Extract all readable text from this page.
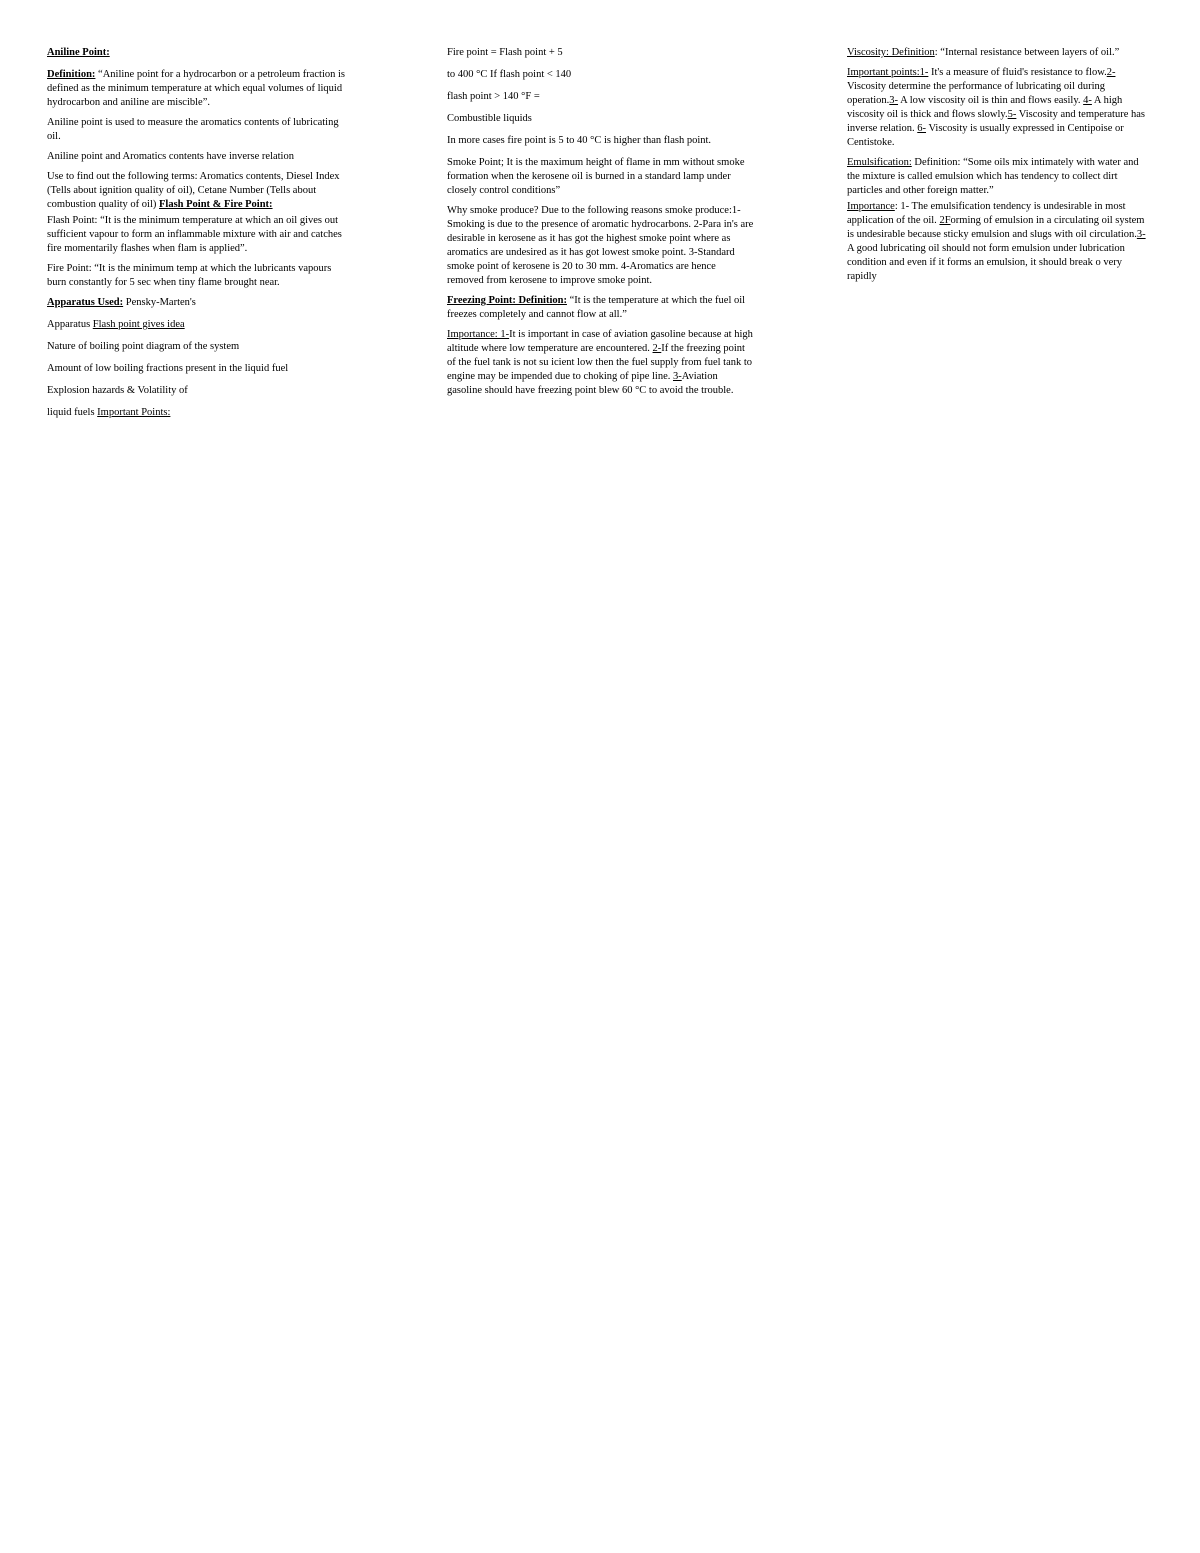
Aniline Point:

Definition: “Aniline point for a hydrocarbon or a petroleum fraction is defined as the minimum temperature at which equal volumes of liquid hydrocarbon and aniline are miscible”.

Aniline point is used to measure the aromatics contents of lubricating oil.

Aniline point and Aromatics contents have inverse relation

Use to find out the following terms: Aromatics contents, Diesel Index (Tells about ignition quality of oil), Cetane Number (Tells about combustion quality of oil) Flash Point & Fire Point:

Flash Point: “It is the minimum temperature at which an oil gives out sufficient vapour to form an inflammable mixture with air and catches fire momentarily flashes when flam is applied”.

Fire Point: “It is the minimum temp at which the lubricants vapours burn constantly for 5 sec when tiny flame brought near.

Apparatus Used: Pensky-Marten's

Apparatus Flash point gives idea

Nature of boiling point diagram of the system

Amount of low boiling fractions present in the liquid fuel

Explosion hazards & Volatility of

liquid fuels Important Points:

Fire point = Flash point + 5

to 400 °C If flash point < 140

flash point > 140 °F =

Combustible liquids

In more cases fire point is 5 to 40 °C is higher than flash point.

Smoke Point; It is the maximum height of flame in mm without smoke formation when the kerosene oil is burned in a standard lamp under closely control conditions”

Why smoke produce? Due to the following reasons smoke produce:1- Smoking is due to the presence of aromatic hydrocarbons. 2-Para in's are desirable in kerosene as it has got the highest smoke point where as aromatics are undesired as it has got lowest smoke point. 3-Standard smoke point of kerosene is 20 to 30 mm. 4-Aromatics are hence removed from kerosene to improve smoke point.

Freezing Point: Definition: “It is the temperature at which the fuel oil freezes completely and cannot flow at all.”

Importance: 1-It is important in case of aviation gasoline because at high altitude where low temperature are encountered. 2-If the freezing point of the fuel tank is not su icient low then the fuel supply from fuel tank to engine may be impended due to choking of pipe line. 3-Aviation gasoline should have freezing point blew 60 °C to avoid the trouble.

Viscosity: Definition: “Internal resistance between layers of oil.”

Important points:1- It's a measure of fluid's resistance to flow.2- Viscosity determine the performance of lubricating oil during operation.3- A low viscosity oil is thin and flows easily. 4- A high viscosity oil is thick and flows slowly.5- Viscosity and temperature has inverse relation. 6- Viscosity is usually expressed in Centipoise or Centistoke.

Emulsification: Definition: “Some oils mix intimately with water and the mixture is called emulsion which has tendency to collect dirt particles and other foreign matter.”

Importance: 1- The emulsification tendency is undesirable in most application of the oil. 2Forming of emulsion in a circulating oil system is undesirable because sticky emulsion and slugs with oil circulation.3- A good lubricating oil should not form emulsion under lubrication condition and even if it forms an emulsion, it should break o very rapidly
